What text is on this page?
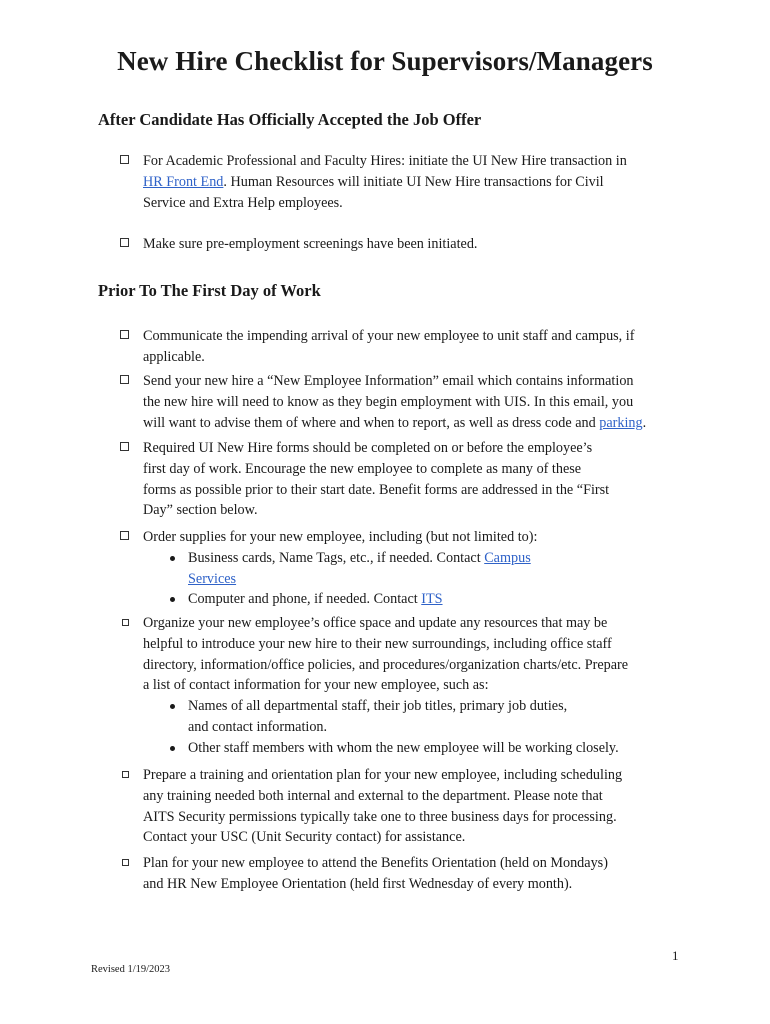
New Hire Checklist for Supervisors/Managers
After Candidate Has Officially Accepted the Job Offer
For Academic Professional and Faculty Hires: initiate the UI New Hire transaction in
HR Front End. Human Resources will initiate UI New Hire transactions for Civil
Service and Extra Help employees.
Make sure pre-employment screenings have been initiated.
Prior To The First Day of Work
Communicate the impending arrival of your new employee to unit staff and campus, if
applicable.
Send your new hire a “New Employee Information” email which contains information
the new hire will need to know as they begin employment with UIS. In this email, you
will want to advise them of where and when to report, as well as dress code and parking.
Required UI New Hire forms should be completed on or before the employee’s
first day of work. Encourage the new employee to complete as many of these
forms as possible prior to their start date. Benefit forms are addressed in the “First
Day” section below.
Order supplies for your new employee, including (but not limited to):
Business cards, Name Tags, etc., if needed. Contact Campus
Services
Computer and phone, if needed. Contact ITS
Organize your new employee’s office space and update any resources that may be
helpful to introduce your new hire to their new surroundings, including office staff
directory, information/office policies, and procedures/organization charts/etc. Prepare
a list of contact information for your new employee, such as:
Names of all departmental staff, their job titles, primary job duties,
and contact information.
Other staff members with whom the new employee will be working closely.
Prepare a training and orientation plan for your new employee, including scheduling
any training needed both internal and external to the department. Please note that
AITS Security permissions typically take one to three business days for processing.
Contact your USC (Unit Security contact) for assistance.
Plan for your new employee to attend the Benefits Orientation (held on Mondays)
and HR New Employee Orientation (held first Wednesday of every month).
1
Revised 1/19/2023
